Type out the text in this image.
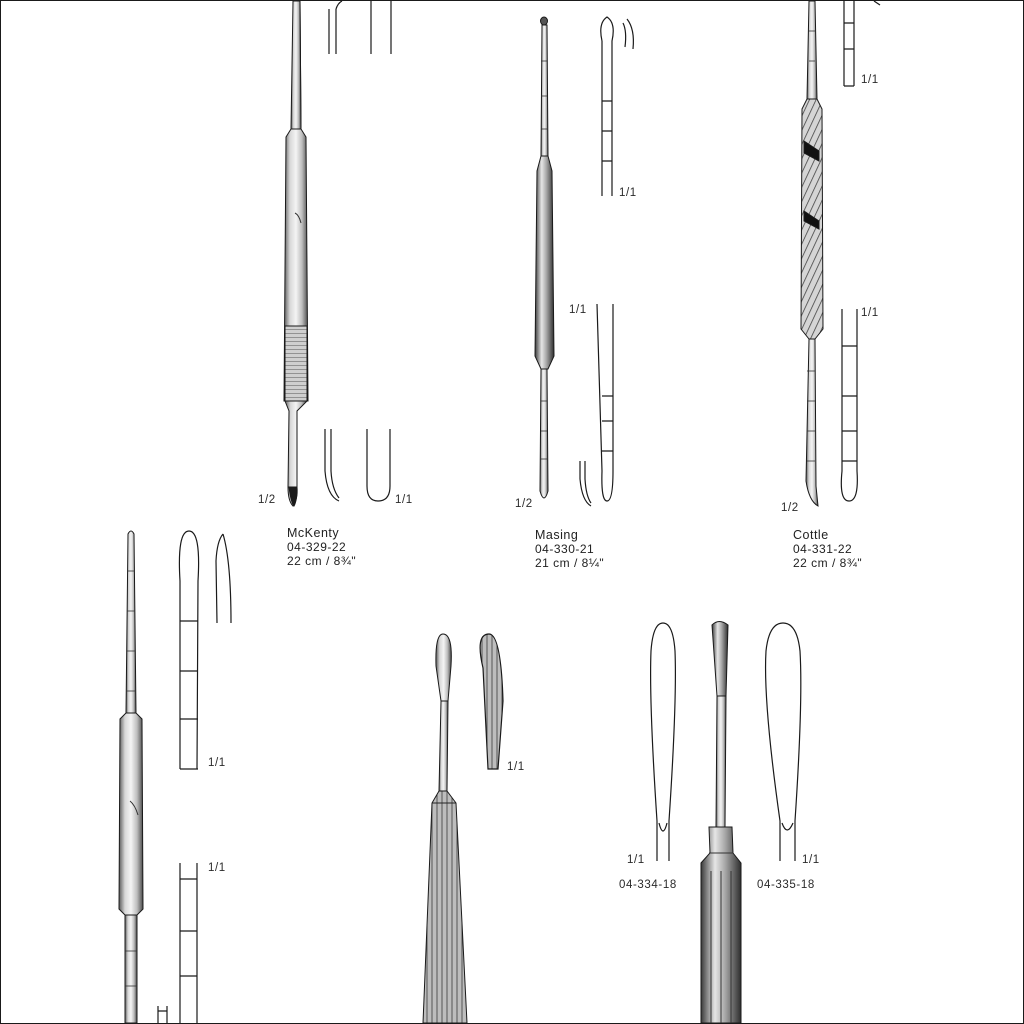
1/1
1/2
1/1
1/1
1/2
1/1
1/1
1/2
1/1
1/1
1/1
1/1	1/1
04-334-18	04-335-18
McKenty
04-329-22
22 cm / 8¾"
Masing
04-330-21
21 cm / 8¼"
Cottle
04-331-22
22 cm / 8¾"
